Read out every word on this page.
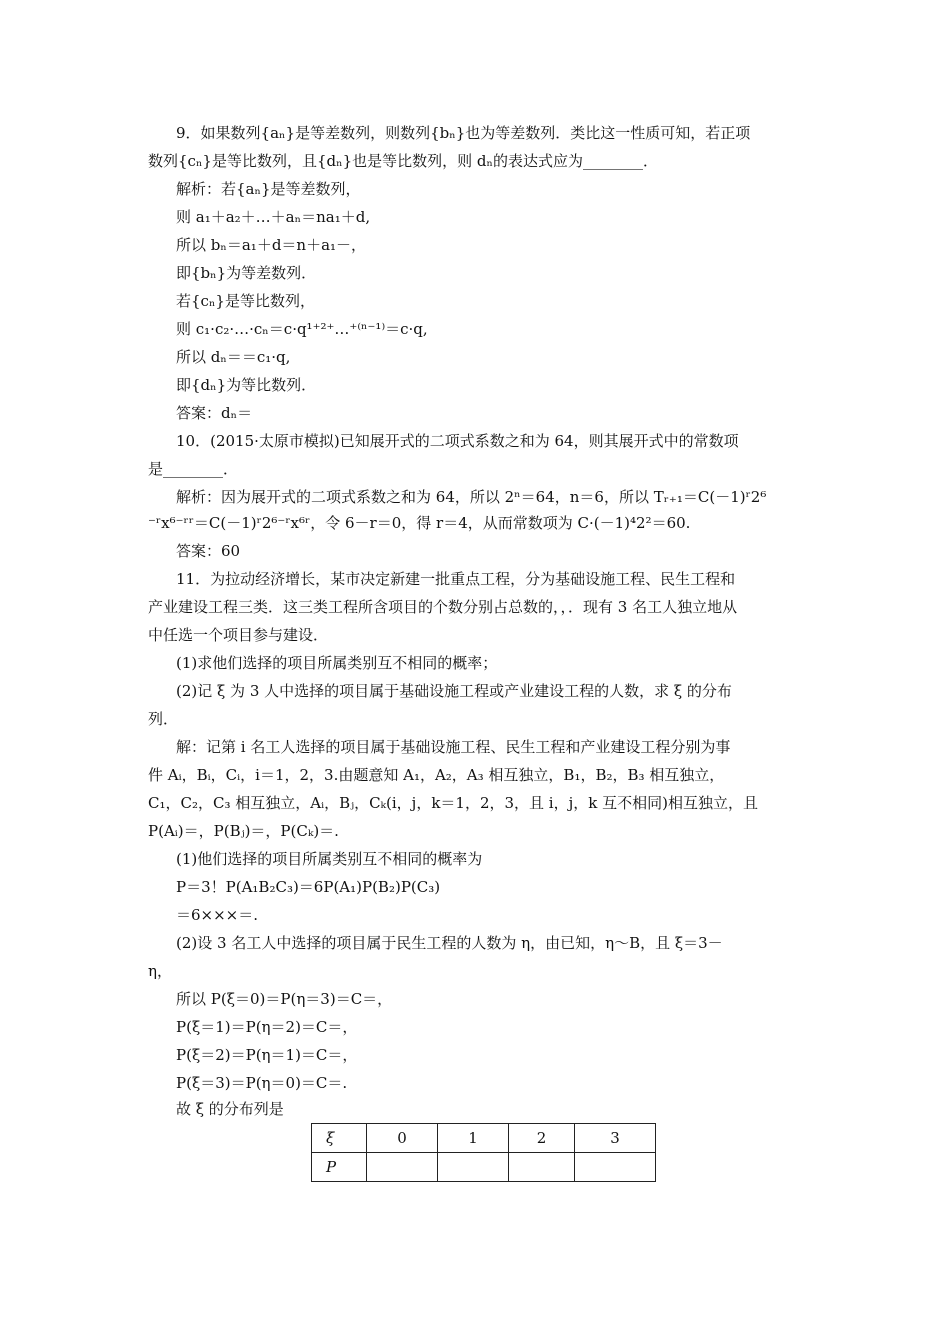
9．如果数列{aₙ}是等差数列，则数列{bₙ}也为等差数列．类比这一性质可知，若正项
数列{cₙ}是等比数列，且{dₙ}也是等比数列，则 dₙ的表达式应为________．
解析：若{aₙ}是等差数列，
则 a₁＋a₂＋…＋aₙ＝na₁＋d,
所以 bₙ＝a₁＋d＝n＋a₁－，
即{bₙ}为等差数列．
若{cₙ}是等比数列，
则 c₁·c₂·…·cₙ＝c·q¹⁺²⁺…⁺⁽ⁿ⁻¹⁾＝c·q,
所以 dₙ＝＝c₁·q,
即{dₙ}为等比数列．
答案：dₙ＝
10．(2015·太原市模拟)已知展开式的二项式系数之和为 64，则其展开式中的常数项
是________．
解析：因为展开式的二项式系数之和为 64，所以 2ⁿ＝64，n＝6，所以 Tᵣ₊₁＝C(－1)ʳ2⁶
⁻ʳx⁶⁻ʳʳ＝C(－1)ʳ2⁶⁻ʳx⁶ʳ，令 6－r＝0，得 r＝4，从而常数项为 C·(－1)⁴2²＝60.
答案：60
11．为拉动经济增长，某市决定新建一批重点工程，分为基础设施工程、民生工程和
产业建设工程三类．这三类工程所含项目的个数分别占总数的，，．现有 3 名工人独立地从
中任选一个项目参与建设．
(1)求他们选择的项目所属类别互不相同的概率；
(2)记 ξ 为 3 人中选择的项目属于基础设施工程或产业建设工程的人数，求 ξ 的分布
列．
解：记第 i 名工人选择的项目属于基础设施工程、民生工程和产业建设工程分别为事
件 Aᵢ，Bᵢ，Cᵢ，i＝1，2，3.由题意知 A₁，A₂，A₃ 相互独立，B₁，B₂，B₃ 相互独立，
C₁，C₂，C₃ 相互独立，Aᵢ，Bⱼ，Cₖ(i，j，k＝1，2，3，且 i，j，k 互不相同)相互独立，且
P(Aᵢ)＝，P(Bⱼ)＝，P(Cₖ)＝.
(1)他们选择的项目所属类别互不相同的概率为
P＝3！P(A₁B₂C₃)＝6P(A₁)P(B₂)P(C₃)
＝6×××＝.
(2)设 3 名工人中选择的项目属于民生工程的人数为 η，由已知，η～B，且 ξ＝3－
η，
所以 P(ξ＝0)＝P(η＝3)＝C＝，
P(ξ＝1)＝P(η＝2)＝C＝，
P(ξ＝2)＝P(η＝1)＝C＝，
P(ξ＝3)＝P(η＝0)＝C＝.
故 ξ 的分布列是
ξ	0	1	2	3
P				
